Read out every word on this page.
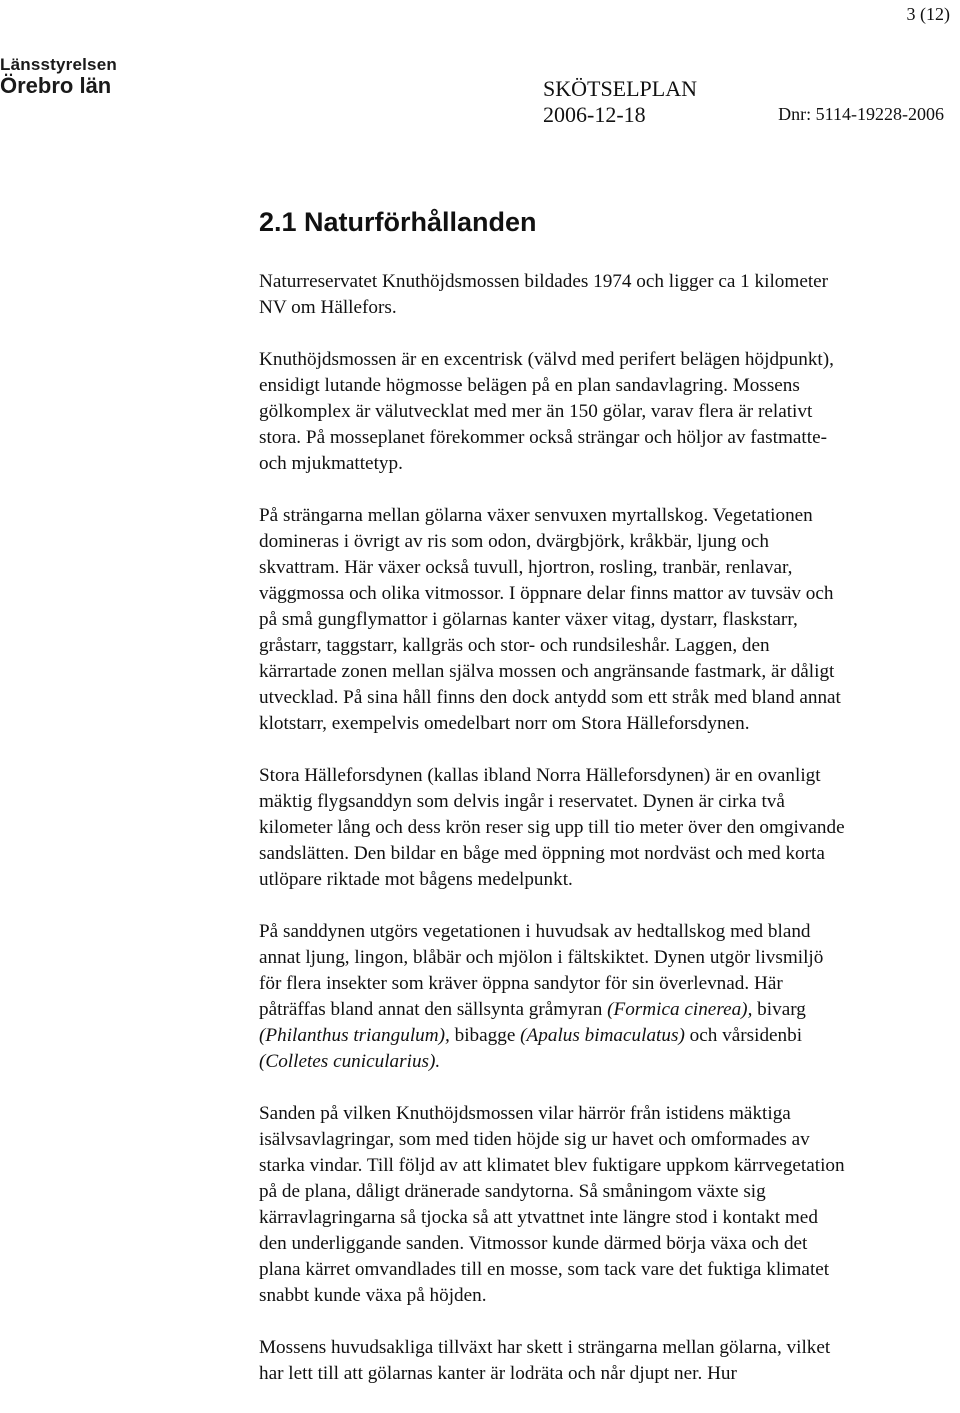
3 (12)
Länsstyrelsen
Örebro län	SKÖTSELPLAN
2006-12-18	Dnr: 5114-19228-2006
2.1 Naturförhållanden

Naturreservatet Knuthöjdsmossen bildades 1974 och ligger ca 1 kilometer
NV om Hällefors.

Knuthöjdsmossen är en excentrisk (välvd med perifert belägen höjdpunkt),
ensidigt lutande högmosse belägen på en plan sandavlagring. Mossens
gölkomplex är välutvecklat med mer än 150 gölar, varav flera är relativt
stora. På mosseplanet förekommer också strängar och höljor av fastmatte-
och mjukmattetyp.

På strängarna mellan gölarna växer senvuxen myrtallskog. Vegetationen
domineras i övrigt av ris som odon, dvärgbjörk, kråkbär, ljung och
skvattram. Här växer också tuvull, hjortron, rosling, tranbär, renlavar,
väggmossa och olika vitmossor. I öppnare delar finns mattor av tuvsäv och
på små gungflymattor i gölarnas kanter växer vitag, dystarr, flaskstarr,
gråstarr, taggstarr, kallgräs och stor- och rundsileshår. Laggen, den
kärrartade zonen mellan själva mossen och angränsande fastmark, är dåligt
utvecklad. På sina håll finns den dock antydd som ett stråk med bland annat
klotstarr, exempelvis omedelbart norr om Stora Hälleforsdynen.

Stora Hälleforsdynen (kallas ibland Norra Hälleforsdynen) är en ovanligt
mäktig flygsanddyn som delvis ingår i reservatet. Dynen är cirka två
kilometer lång och dess krön reser sig upp till tio meter över den omgivande
sandslätten. Den bildar en båge med öppning mot nordväst och med korta
utlöpare riktade mot bågens medelpunkt.

På sanddynen utgörs vegetationen i huvudsak av hedtallskog med bland
annat ljung, lingon, blåbär och mjölon i fältskiktet. Dynen utgör livsmiljö
för flera insekter som kräver öppna sandytor för sin överlevnad. Här
påträffas bland annat den sällsynta gråmyran (Formica cinerea), bivarg
(Philanthus triangulum), bibagge (Apalus bimaculatus) och vårsidenbi
(Colletes cunicularius).

Sanden på vilken Knuthöjdsmossen vilar härrör från istidens mäktiga
isälvsavlagringar, som med tiden höjde sig ur havet och omformades av
starka vindar. Till följd av att klimatet blev fuktigare uppkom kärrvegetation
på de plana, dåligt dränerade sandytorna. Så småningom växte sig
kärravlagringarna så tjocka så att ytvattnet inte längre stod i kontakt med
den underliggande sanden. Vitmossor kunde därmed börja växa och det
plana kärret omvandlades till en mosse, som tack vare det fuktiga klimatet
snabbt kunde växa på höjden.

Mossens huvudsakliga tillväxt har skett i strängarna mellan gölarna, vilket
har lett till att gölarnas kanter är lodräta och når djupt ner. Hur
